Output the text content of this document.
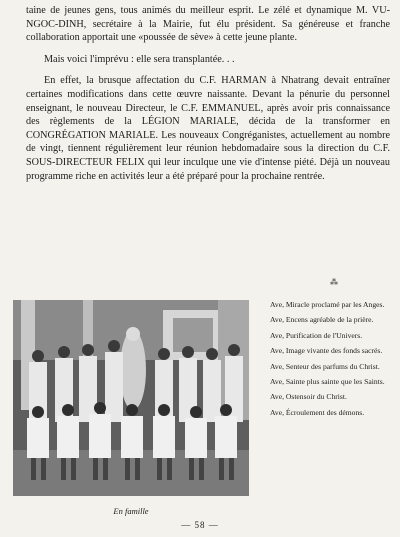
taine de jeunes gens, tous animés du meilleur esprit. Le zélé et dynamique M. VU-NGOC-DINH, secrétaire à la Mairie, fut élu président. Sa généreuse et franche collaboration apportait une «poussée de sève» à cette jeune plante.

Mais voici l'imprévu : elle sera transplantée. . .

En effet, la brusque affectation du C.F. HARMAN à Nhatrang devait entraîner certaines modifications dans cette œuvre naissante. Devant la pénurie du personnel enseignant, le nouveau Directeur, le C.F. EMMANUEL, après avoir pris connaissance des règlements de la LÉGION MARIALE, décida de la transformer en CONGRÉGATION MARIALE. Les nouveaux Congréganistes, actuellement au nombre de vingt, tiennent régulièrement leur réunion hebdomadaire sous la direction du C.F. SOUS-DIRECTEUR FELIX qui leur inculque une vie d'intense piété. Déjà un nouveau programme riche en activités leur a été préparé pour la prochaine rentrée.

⁂
En famille
Ave, Miracle proclamé par les Anges.
Ave, Encens agréable de la prière.
Ave, Purification de l'Univers.
Ave, Image vivante des fonds sacrés.
Ave, Senteur des parfums du Christ.
Ave, Sainte plus sainte que les Saints.
Ave, Ostensoir du Christ.
Ave, Écroulement des démons.
— 58 —
